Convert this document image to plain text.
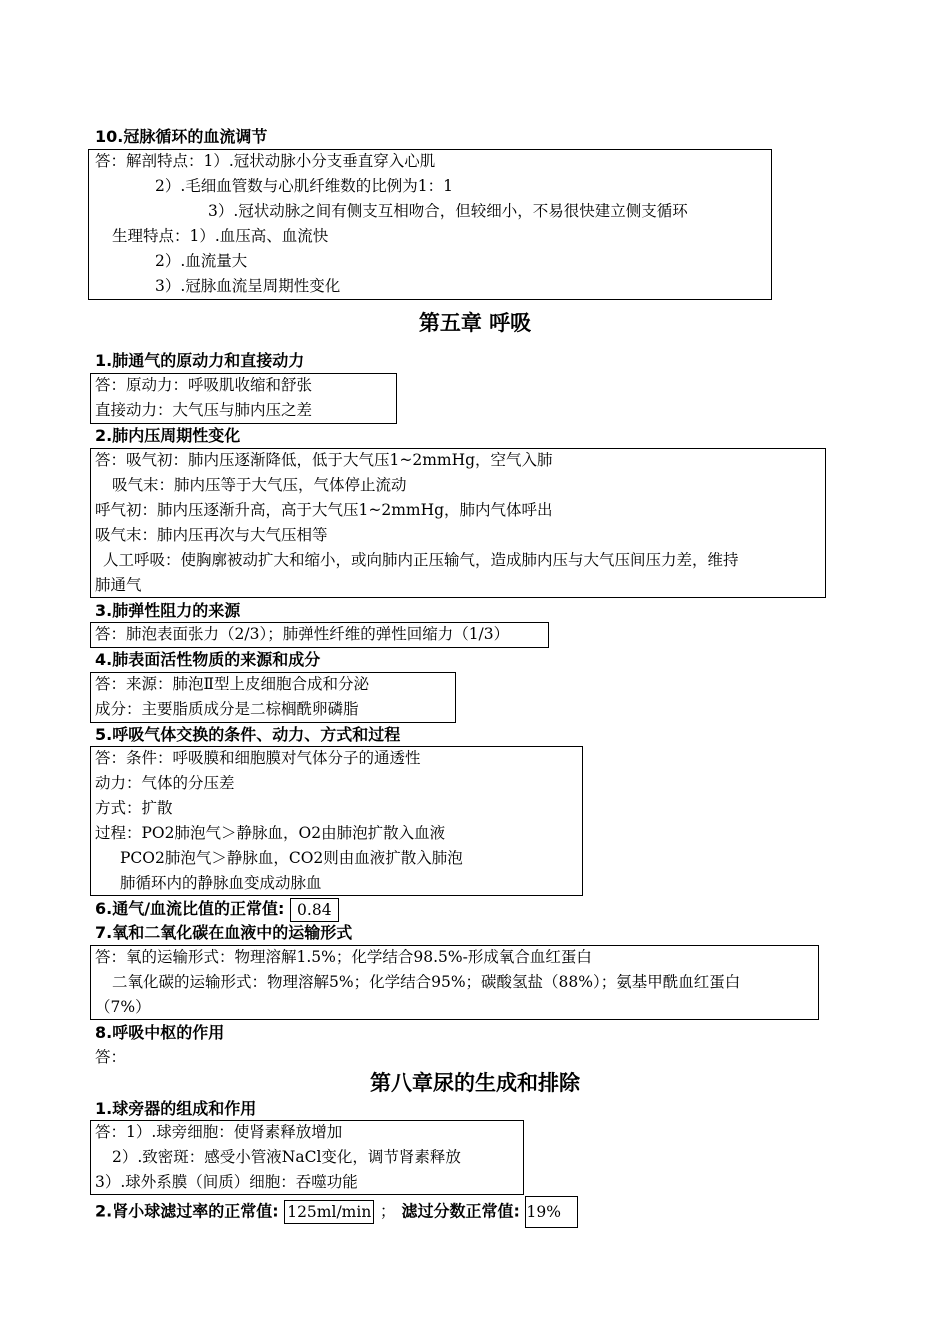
10.冠脉循环的血流调节
答：解剖特点：1）.冠状动脉小分支垂直穿入心肌
2）.毛细血管数与心肌纤维数的比例为1：1
3）.冠状动脉之间有侧支互相吻合，但较细小，不易很快建立侧支循环
生理特点：1）.血压高、血流快
2）.血流量大
3）.冠脉血流呈周期性变化
第五章 呼吸
1.肺通气的原动力和直接动力
答：原动力：呼吸肌收缩和舒张
直接动力：大气压与肺内压之差
2.肺内压周期性变化
答：吸气初：肺内压逐渐降低，低于大气压1~2mmHg，空气入肺
吸气末：肺内压等于大气压，气体停止流动
呼气初：肺内压逐渐升高，高于大气压1~2mmHg，肺内气体呼出
吸气末：肺内压再次与大气压相等
人工呼吸：使胸廓被动扩大和缩小，或向肺内正压输气，造成肺内压与大气压间压力差，维持
肺通气
3.肺弹性阻力的来源
答：肺泡表面张力（2/3）；肺弹性纤维的弹性回缩力（1/3）
4.肺表面活性物质的来源和成分
答：来源：肺泡Ⅱ型上皮细胞合成和分泌
成分：主要脂质成分是二棕榈酰卵磷脂
5.呼吸气体交换的条件、动力、方式和过程
答：条件：呼吸膜和细胞膜对气体分子的通透性
动力：气体的分压差
方式：扩散
过程：PO2肺泡气＞静脉血，O2由肺泡扩散入血液
PCO2肺泡气＞静脉血，CO2则由血液扩散入肺泡
肺循环内的静脉血变成动脉血
6.通气/血流比值的正常值: 0.84
7.氧和二氧化碳在血液中的运输形式
答：氧的运输形式：物理溶解1.5%；化学结合98.5%-形成氧合血红蛋白
二氧化碳的运输形式：物理溶解5%；化学结合95%；碳酸氢盐（88%）；氨基甲酰血红蛋白
（7%）
8.呼吸中枢的作用
答：
第八章尿的生成和排除
1.球旁器的组成和作用
答：1）.球旁细胞：使肾素释放增加
2）.致密斑：感受小管液NaCl变化，调节肾素释放
3）.球外系膜（间质）细胞：吞噬功能
2.肾小球滤过率的正常值: 125ml/min ； 滤过分数正常值: 19%
